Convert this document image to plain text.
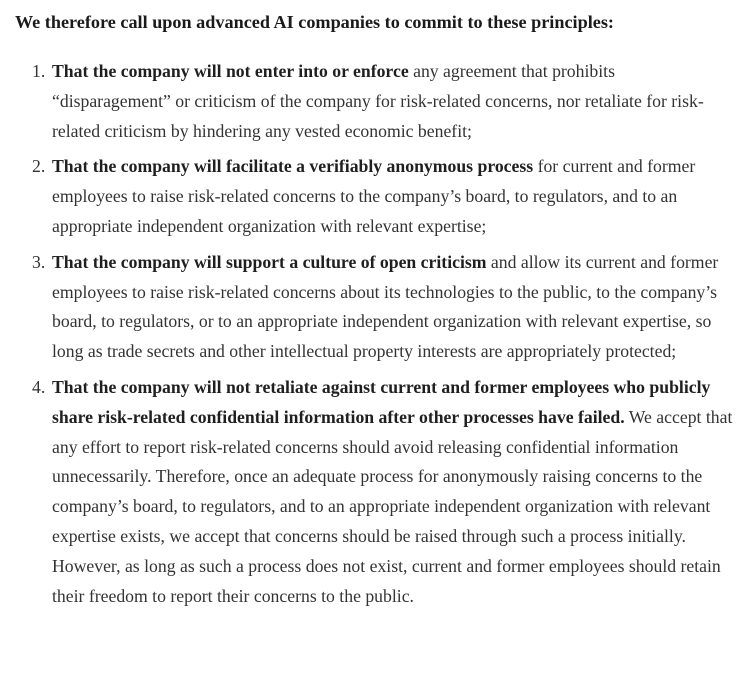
We therefore call upon advanced AI companies to commit to these principles:

1. That the company will not enter into or enforce any agreement that prohibits “disparagement” or criticism of the company for risk-related concerns, nor retaliate for risk-related criticism by hindering any vested economic benefit;
2. That the company will facilitate a verifiably anonymous process for current and former employees to raise risk-related concerns to the company’s board, to regulators, and to an appropriate independent organization with relevant expertise;
3. That the company will support a culture of open criticism and allow its current and former employees to raise risk-related concerns about its technologies to the public, to the company’s board, to regulators, or to an appropriate independent organization with relevant expertise, so long as trade secrets and other intellectual property interests are appropriately protected;
4. That the company will not retaliate against current and former employees who publicly share risk-related confidential information after other processes have failed. We accept that any effort to report risk-related concerns should avoid releasing confidential information unnecessarily. Therefore, once an adequate process for anonymously raising concerns to the company’s board, to regulators, and to an appropriate independent organization with relevant expertise exists, we accept that concerns should be raised through such a process initially. However, as long as such a process does not exist, current and former employees should retain their freedom to report their concerns to the public.
